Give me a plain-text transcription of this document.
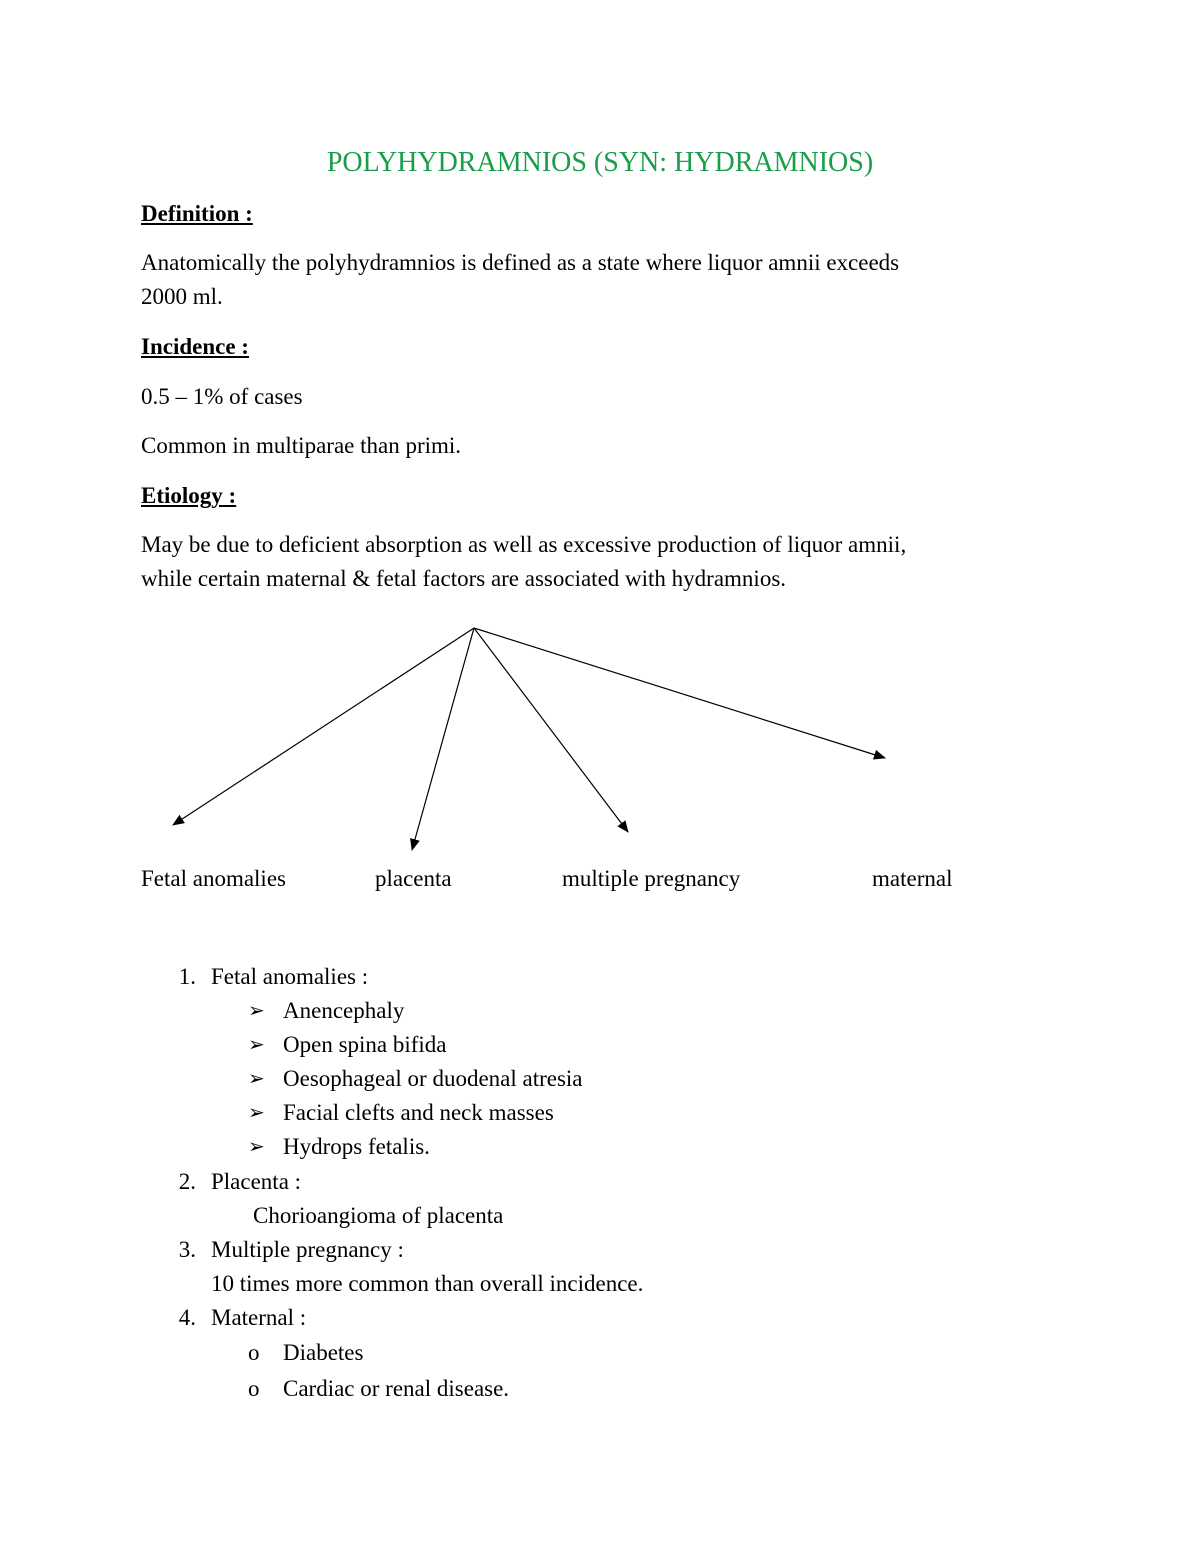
POLYHYDRAMNIOS (SYN: HYDRAMNIOS)
Definition :
Anatomically the polyhydramnios is defined as a state where liquor amnii exceeds
2000 ml.
Incidence :
0.5 – 1% of cases
Common in multiparae than primi.
Etiology :
May be due to deficient absorption as well as excessive production of liquor amnii,
while certain maternal & fetal factors are associated with hydramnios.
Fetal anomalies	placenta	multiple pregnancy	maternal
1. Fetal anomalies :
➢ Anencephaly
➢ Open spina bifida
➢ Oesophageal or duodenal atresia
➢ Facial clefts and neck masses
➢ Hydrops fetalis.
2. Placenta :
Chorioangioma of placenta
3. Multiple pregnancy :
10 times more common than overall incidence.
4. Maternal :
o Diabetes
o Cardiac or renal disease.
